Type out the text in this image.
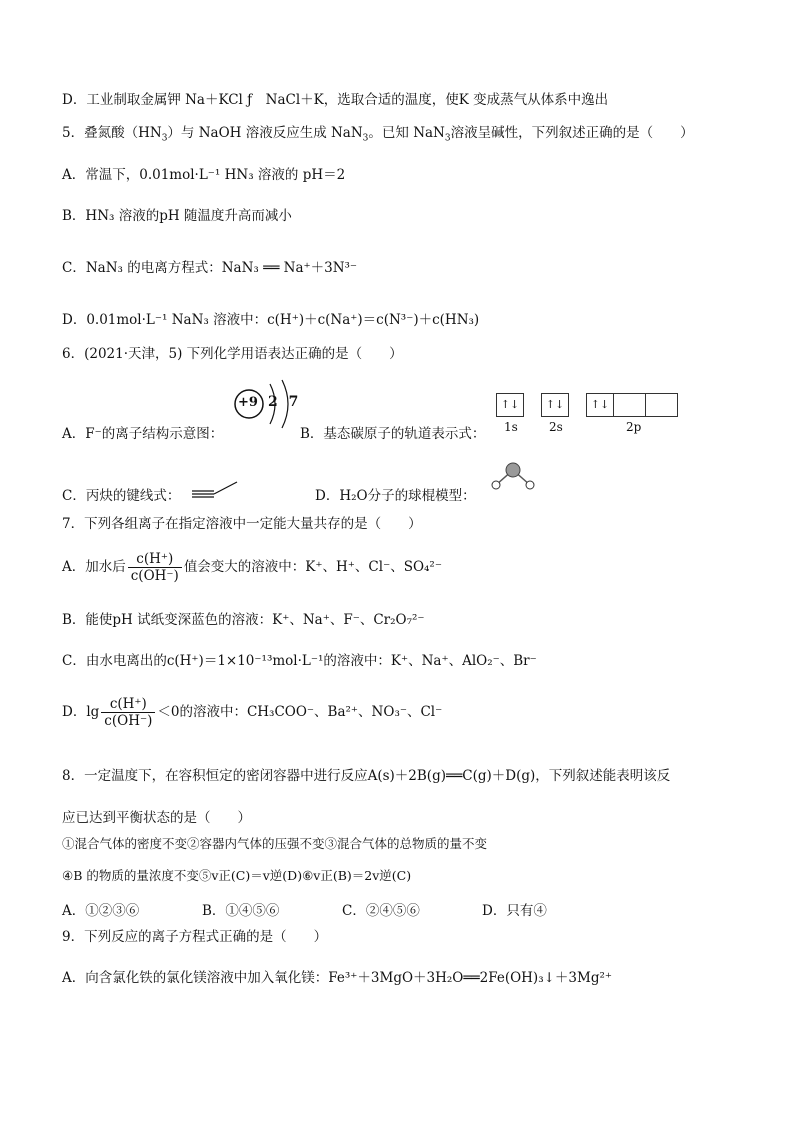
D．工业制取金属钾 Na＋KCl ƒ　NaCl＋K，选取合适的温度，使K 变成蒸气从体系中逸出
5．叠氮酸$(HN_3)$与 NaOH 溶液反应生成 NaN$_3$。已知 NaN$_3$溶液呈碱性，下列叙述正确的是（　　）
A．常温下，0.01mol·L⁻¹ HN₃ 溶液的 pH＝2
B．HN₃ 溶液的pH 随温度升高而减小
C．NaN₃ 的电离方程式：NaN₃ ══ Na⁺＋3N³⁻
D．0.01mol·L⁻¹ NaN₃ 溶液中：c(H⁺)＋c(Na⁺)＝c(N³⁻)＋c(HN₃)
6．(2021·天津，5) 下列化学用语表达正确的是（　　）
A．F⁻的离子结构示意图：
+9 2 7
B．基态碳原子的轨道表示式：
↑↓	↑↓	↑↓
1s	2s	2p
C．丙炔的键线式：	D．H₂O分子的球棍模型：
7．下列各组离子在指定溶液中一定能大量共存的是（　　）
A．加水后 $\frac{c(H^+)}{c(OH^-)}$ 值会变大的溶液中：K⁺、H⁺、Cl⁻、SO₄²⁻
B．能使pH 试纸变深蓝色的溶液：K⁺、Na⁺、F⁻、Cr₂O₇²⁻
C．由水电离出的c(H⁺)＝1×10⁻¹³mol·L⁻¹的溶液中：K⁺、Na⁺、AlO₂⁻、Br⁻
D．$\lg \frac{c(H^+)}{c(OH^-)} <0$的溶液中：CH₃COO⁻、Ba²⁺、NO₃⁻、Cl⁻
8．一定温度下，在容积恒定的密闭容器中进行反应A(s)＋2B(g)══C(g)＋D(g)，下列叙述能表明该反
应已达到平衡状态的是（　　）
①混合气体的密度不变②容器内气体的压强不变③混合气体的总物质的量不变
④B 的物质的量浓度不变⑤v正(C)＝v逆(D)⑥v正(B)＝2v逆(C)
A．①②③⑥	B．①④⑤⑥	C．②④⑤⑥	D．只有④
9．下列反应的离子方程式正确的是（　　）
A．向含氯化铁的氯化镁溶液中加入氧化镁：Fe³⁺＋3MgO＋3H₂O══2Fe(OH)₃↓＋3Mg²⁺
